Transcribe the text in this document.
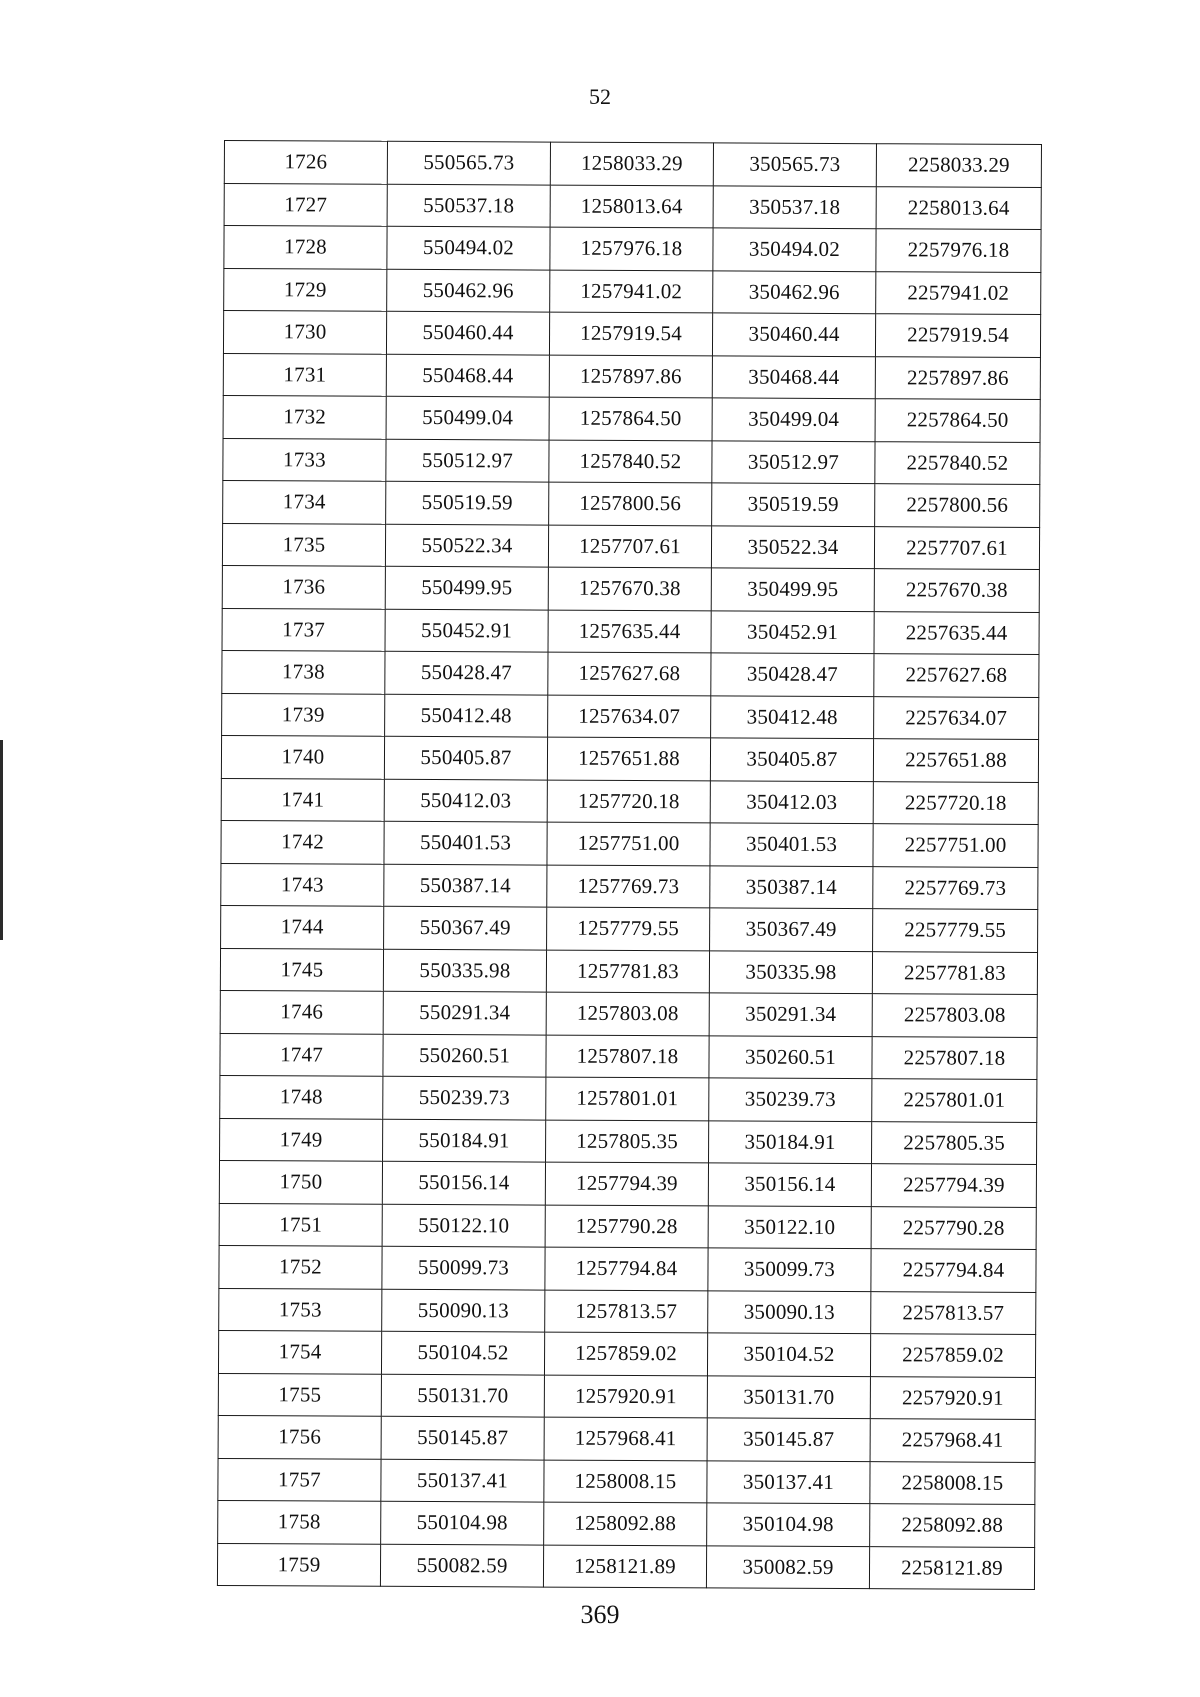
52
1726	550565.73	1258033.29	350565.73	2258033.29
1727	550537.18	1258013.64	350537.18	2258013.64
1728	550494.02	1257976.18	350494.02	2257976.18
1729	550462.96	1257941.02	350462.96	2257941.02
1730	550460.44	1257919.54	350460.44	2257919.54
1731	550468.44	1257897.86	350468.44	2257897.86
1732	550499.04	1257864.50	350499.04	2257864.50
1733	550512.97	1257840.52	350512.97	2257840.52
1734	550519.59	1257800.56	350519.59	2257800.56
1735	550522.34	1257707.61	350522.34	2257707.61
1736	550499.95	1257670.38	350499.95	2257670.38
1737	550452.91	1257635.44	350452.91	2257635.44
1738	550428.47	1257627.68	350428.47	2257627.68
1739	550412.48	1257634.07	350412.48	2257634.07
1740	550405.87	1257651.88	350405.87	2257651.88
1741	550412.03	1257720.18	350412.03	2257720.18
1742	550401.53	1257751.00	350401.53	2257751.00
1743	550387.14	1257769.73	350387.14	2257769.73
1744	550367.49	1257779.55	350367.49	2257779.55
1745	550335.98	1257781.83	350335.98	2257781.83
1746	550291.34	1257803.08	350291.34	2257803.08
1747	550260.51	1257807.18	350260.51	2257807.18
1748	550239.73	1257801.01	350239.73	2257801.01
1749	550184.91	1257805.35	350184.91	2257805.35
1750	550156.14	1257794.39	350156.14	2257794.39
1751	550122.10	1257790.28	350122.10	2257790.28
1752	550099.73	1257794.84	350099.73	2257794.84
1753	550090.13	1257813.57	350090.13	2257813.57
1754	550104.52	1257859.02	350104.52	2257859.02
1755	550131.70	1257920.91	350131.70	2257920.91
1756	550145.87	1257968.41	350145.87	2257968.41
1757	550137.41	1258008.15	350137.41	2258008.15
1758	550104.98	1258092.88	350104.98	2258092.88
1759	550082.59	1258121.89	350082.59	2258121.89
369
